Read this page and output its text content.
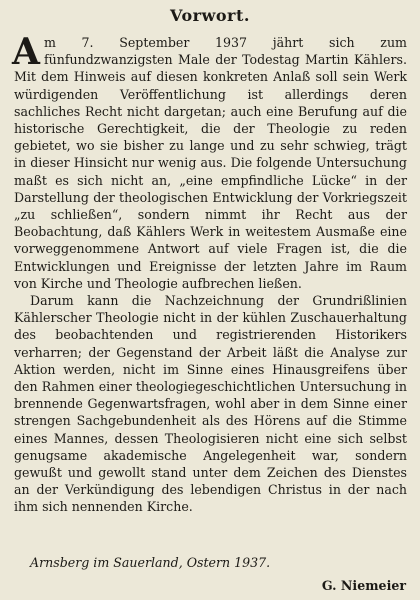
Vorwort.

Am 7. September 1937 jährt sich zum fünfundzwanzigsten Male der Todestag Martin Kählers. Mit dem Hinweis auf diesen konkreten Anlaß soll sein Werk würdigenden Veröffentlichung ist allerdings deren sachliches Recht nicht dargetan; auch eine Berufung auf die historische Gerechtigkeit, die der Theologie zu reden gebietet, wo sie bisher zu lange und zu sehr schwieg, trägt in dieser Hinsicht nur wenig aus. Die folgende Untersuchung maßt es sich nicht an, „eine empfindliche Lücke“ in der Darstellung der theologischen Entwicklung der Vorkriegszeit „zu schließen“, sondern nimmt ihr Recht aus der Beobachtung, daß Kählers Werk in weitestem Ausmaße eine vorweggenommene Antwort auf viele Fragen ist, die die Entwicklungen und Ereignisse der letzten Jahre im Raum von Kirche und Theologie aufbrechen ließen.

Darum kann die Nachzeichnung der Grundrißlinien Kählerscher Theologie nicht in der kühlen Zuschauerhaltung des beobachtenden und registrierenden Historikers verharren; der Gegenstand der Arbeit läßt die Analyse zur Aktion werden, nicht im Sinne eines Hinausgreifens über den Rahmen einer theologiegeschichtlichen Untersuchung in brennende Gegenwartsfragen, wohl aber in dem Sinne einer strengen Sachgebundenheit als des Hörens auf die Stimme eines Mannes, dessen Theologisieren nicht eine sich selbst genugsame akademische Angelegenheit war, sondern gewußt und gewollt stand unter dem Zeichen des Dienstes an der Verkündigung des lebendigen Christus in der nach ihm sich nennenden Kirche.

Arnsberg im Sauerland, Ostern 1937.
G. Niemeier
